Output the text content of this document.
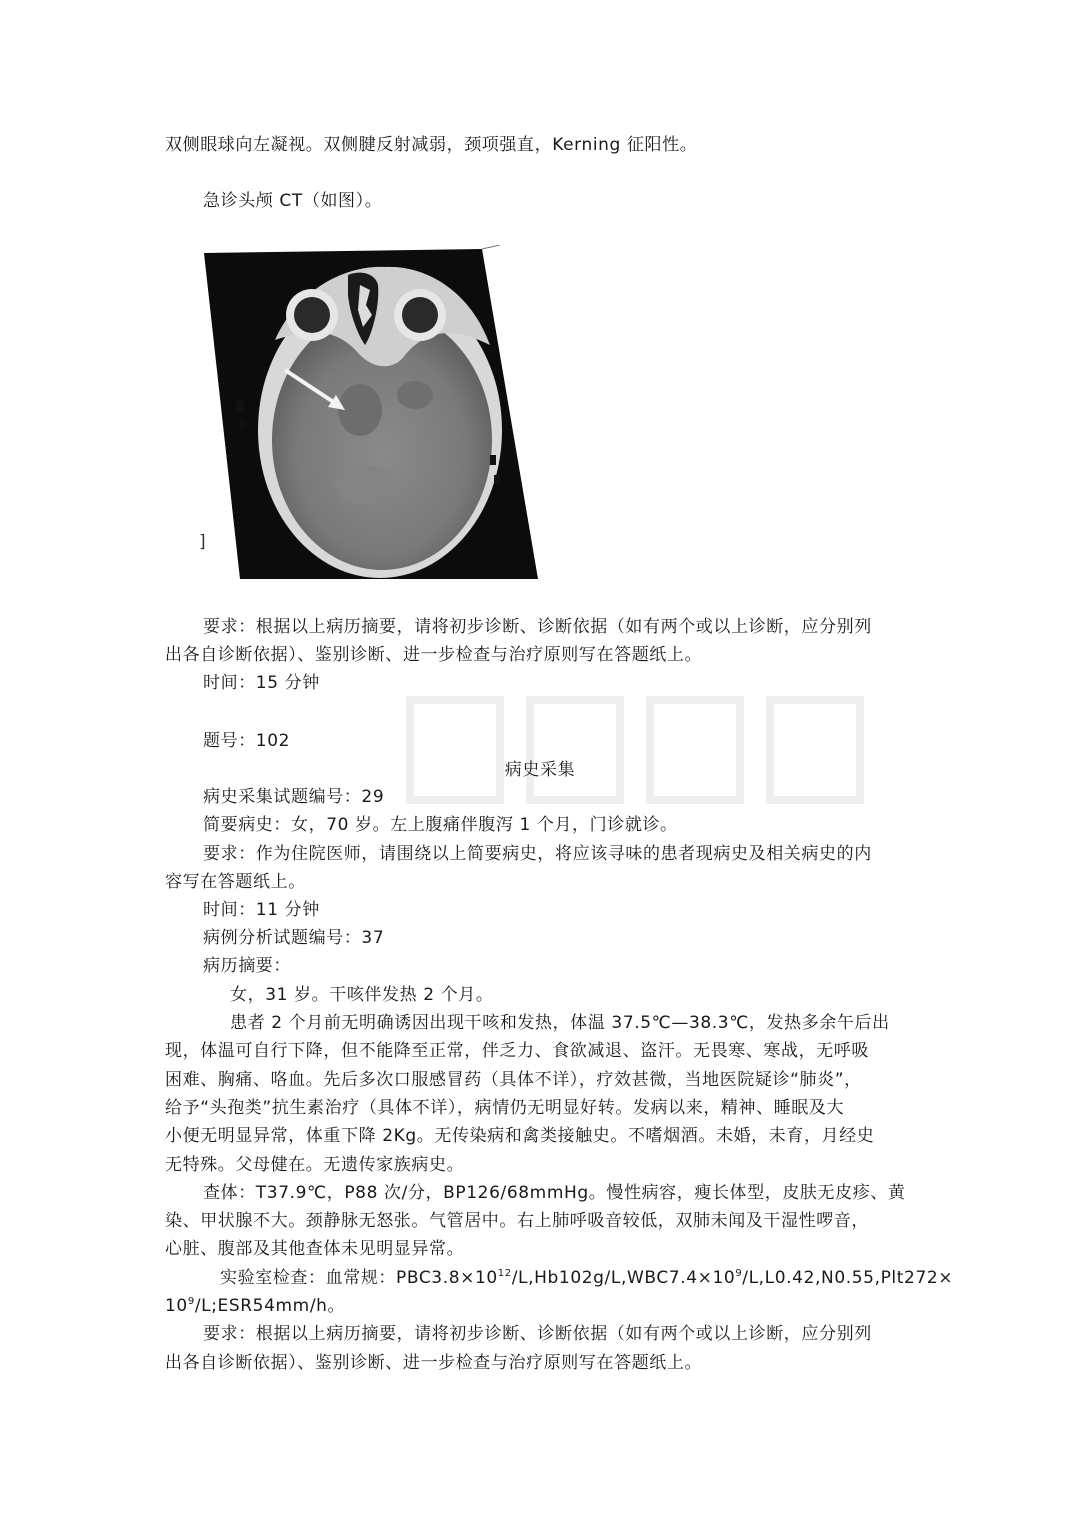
双侧眼球向左凝视。双侧腱反射减弱，颈项强直，Kerning 征阳性。
急诊头颅 CT（如图）。
]
要求：根据以上病历摘要，请将初步诊断、诊断依据（如有两个或以上诊断，应分别列
出各自诊断依据）、鉴别诊断、进一步检查与治疗原则写在答题纸上。
时间：15 分钟
题号：102
病史采集
病史采集试题编号：29
简要病史：女，70 岁。左上腹痛伴腹泻 1 个月，门诊就诊。
要求：作为住院医师，请围绕以上简要病史，将应该寻味的患者现病史及相关病史的内
容写在答题纸上。
时间：11 分钟
病例分析试题编号：37
病历摘要：
女，31 岁。干咳伴发热 2 个月。
患者 2 个月前无明确诱因出现干咳和发热，体温 37.5℃—38.3℃，发热多余午后出
现，体温可自行下降，但不能降至正常，伴乏力、食欲减退、盗汗。无畏寒、寒战，无呼吸
困难、胸痛、咯血。先后多次口服感冒药（具体不详），疗效甚微，当地医院疑诊“肺炎”，
给予“头孢类”抗生素治疗（具体不详），病情仍无明显好转。发病以来，精神、睡眠及大
小便无明显异常，体重下降 2Kg。无传染病和禽类接触史。不嗜烟酒。未婚，未育，月经史
无特殊。父母健在。无遗传家族病史。
查体：T37.9℃，P88 次/分，BP126/68mmHg。慢性病容，瘦长体型，皮肤无皮疹、黄
染、甲状腺不大。颈静脉无怒张。气管居中。右上肺呼吸音较低，双肺未闻及干湿性啰音，
心脏、腹部及其他查体未见明显异常。
实验室检查：血常规：$PBC3.8\times 10^{12}/L,Hb102g/L,WBC7.4\times 10^9/L,L0.42,N0.55,Plt272\times$
$10^9/L;ESR54mm/h$。
要求：根据以上病历摘要，请将初步诊断、诊断依据（如有两个或以上诊断，应分别列
出各自诊断依据）、鉴别诊断、进一步检查与治疗原则写在答题纸上。
